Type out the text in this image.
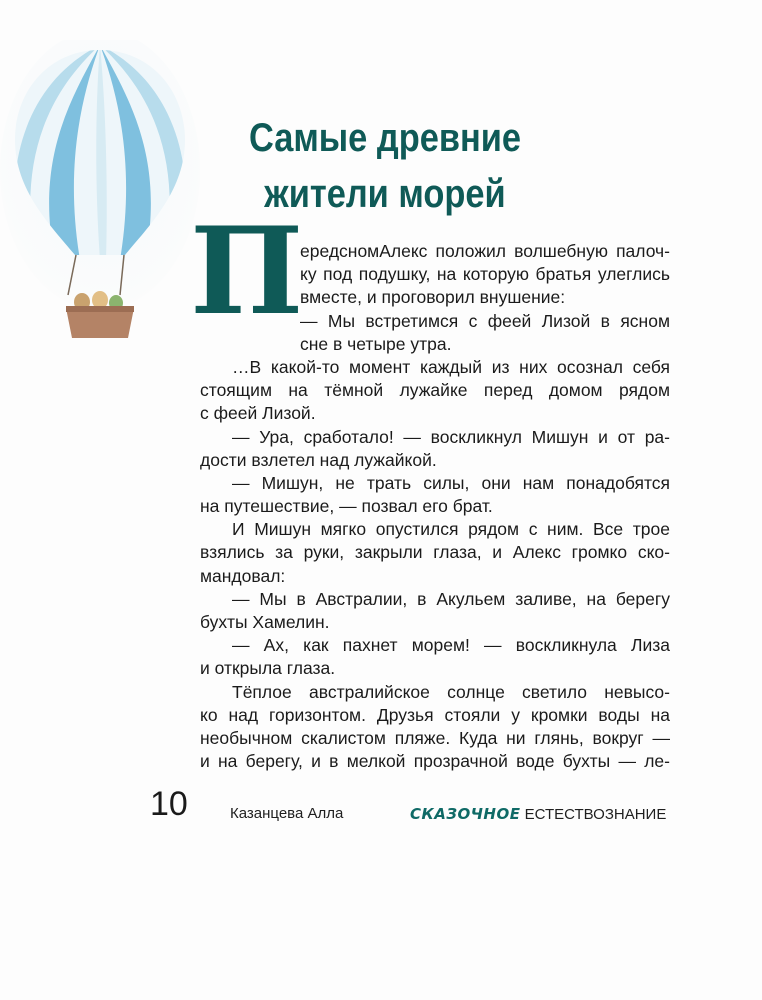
Самые древние
жители морей
П
ередсномАлекс положил волшебную палоч-
ку под подушку, на которую братья улеглись
вместе, и проговорил внушение:
— Мы встретимся с феей Лизой в ясном
сне в четыре утра.
…В какой-то момент каждый из них осознал себя
стоящим на тёмной лужайке перед домом рядом
с феей Лизой.
— Ура, сработало! — воскликнул Мишун и от ра-
дости взлетел над лужайкой.
— Мишун, не трать силы, они нам понадобятся
на путешествие, — позвал его брат.
И Мишун мягко опустился рядом с ним. Все трое
взялись за руки, закрыли глаза, и Алекс громко ско-
мандовал:
— Мы в Австралии, в Акульем заливе, на берегу
бухты Хамелин.
— Ах, как пахнет морем! — воскликнула Лиза
и открыла глаза.
Тёплое австралийское солнце светило невысо-
ко над горизонтом. Друзья стояли у кромки воды на
необычном скалистом пляже. Куда ни глянь, вокруг —
и на берегу, и в мелкой прозрачной воде бухты — ле-
10	Казанцева Алла	СКАЗОЧНОЕ ЕСТЕСТВОЗНАНИЕ
